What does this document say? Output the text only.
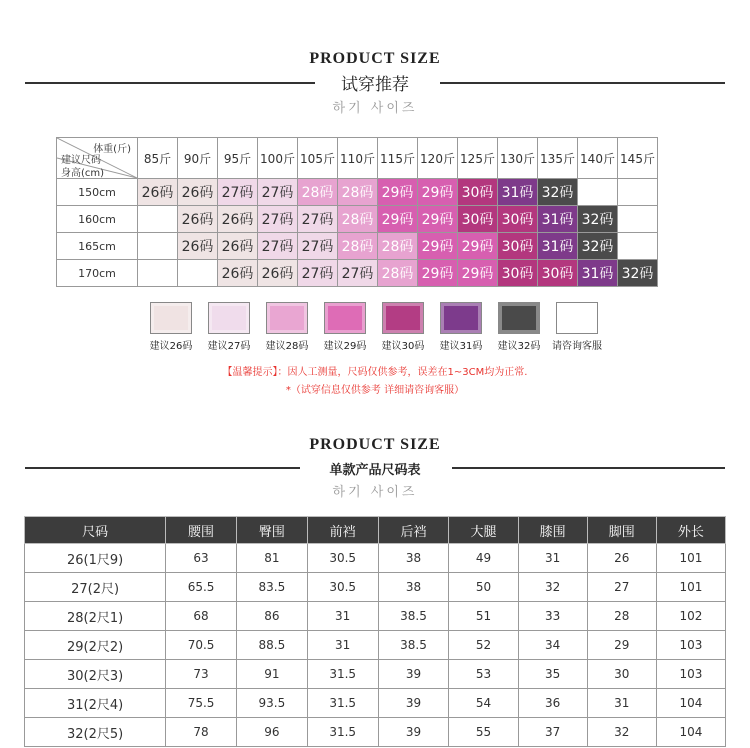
PRODUCT SIZE
试穿推荐
하기 사이즈
体重(斤)
建议尺码
身高(cm)	85斤	90斤	95斤	100斤	105斤	110斤	115斤	120斤	125斤	130斤	135斤	140斤	145斤
150cm	26码	26码	27码	27码	28码	28码	29码	29码	30码	31码	32码		
160cm		26码	26码	27码	27码	28码	29码	29码	30码	30码	31码	32码	
165cm		26码	26码	27码	27码	28码	28码	29码	29码	30码	31码	32码	
170cm			26码	26码	27码	27码	28码	29码	29码	30码	30码	31码	32码
建议26码	建议27码	建议28码	建议29码	建议30码	建议31码	建议32码	请咨询客服
【温馨提示】：因人工测量，尺码仅供参考，误差在1~3CM均为正常.
*（试穿信息仅供参考 详细请咨询客服）
PRODUCT SIZE
单款产品尺码表
하기 사이즈
尺码	腰围	臀围	前裆	后裆	大腿	膝围	脚围	外长
26(1尺9)	63	81	30.5	38	49	31	26	101
27(2尺)	65.5	83.5	30.5	38	50	32	27	101
28(2尺1)	68	86	31	38.5	51	33	28	102
29(2尺2)	70.5	88.5	31	38.5	52	34	29	103
30(2尺3)	73	91	31.5	39	53	35	30	103
31(2尺4)	75.5	93.5	31.5	39	54	36	31	104
32(2尺5)	78	96	31.5	39	55	37	32	104
